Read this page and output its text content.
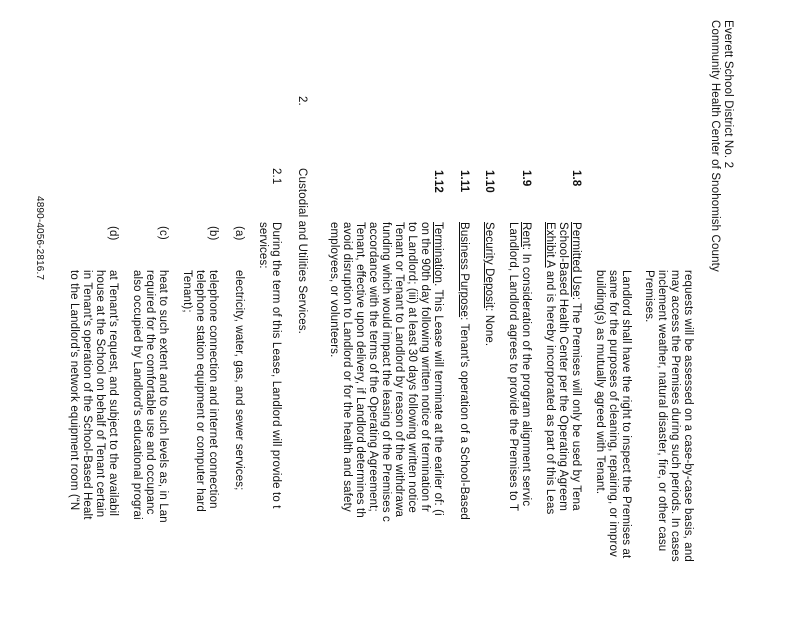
Everett School District No. 2
Community Health Center of Snohomish County
requests will be assessed on a case-by-case basis, and
may access the Premises during such periods. In cases
inclement weather, natural disaster, fire, or other casu
Premises.
Landlord shall have the right to inspect the Premises at
same for the purposes of cleaning, repairing, or improv
building(s) as mutually agreed with Tenant.
1.8
Permitted Use: The Premises will only be used by Tena
School-Based Health Center per the Operating Agreem
Exhibit A and is hereby incorporated as part of this Leas
1.9
Rent: In consideration of the program alignment servic
Landlord, Landlord agrees to provide the Premises to T
1.10
Security Deposit: None.
1.11
Business Purpose: Tenant’s operation of a School-Based
1.12
Termination. This Lease will terminate at the earlier of: (i
on the 90th day following written notice of termination fr
to Landlord; (iii) at least 30 days following written notice
Tenant or Tenant to Landlord by reason of the withdrawa
funding which would impact the leasing of the Premises c
accordance with the terms of the Operating Agreement;
Tenant, effective upon delivery, if Landlord determines th
avoid disruption to Landlord or for the health and safety
employees, or volunteers.
2.
Custodial and Utilities Services.
2.1
During the term of this Lease, Landlord will provide to t
services:
(a)
electricity, water, gas, and sewer services;
(b)
telephone connection and internet connection
telephone station equipment or computer hard
Tenant);
(c)
heat to such extent and to such levels as, in Lan
required for the comfortable use and occupanc
also occupied by Landlord’s educational prograi
(d)
at Tenant’s request, and subject to the availabil
house at the School on behalf of Tenant certain
in Tenant’s operation of the School-Based Healt
to the Landlord’s network equipment room (“N
4890-4056-2816.7
